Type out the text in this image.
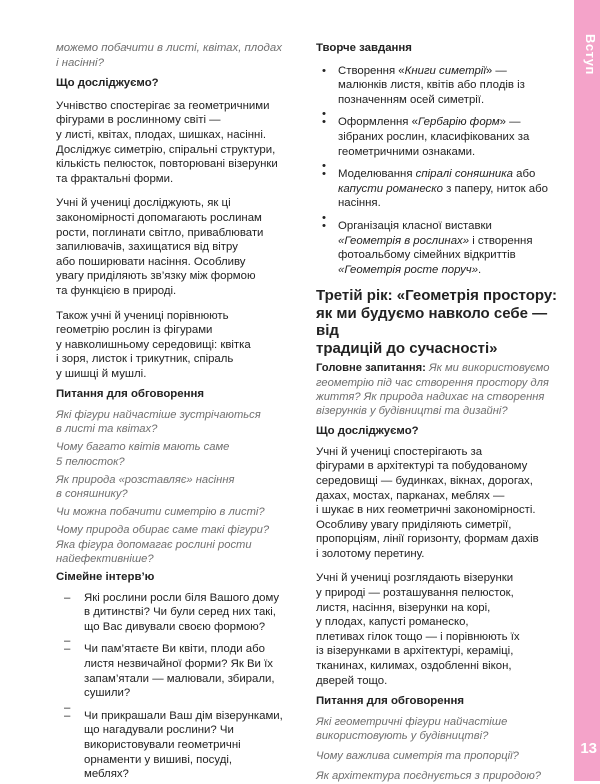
Вступ
13
можемо побачити в листі, квітах, плодах
і насінні?
Що досліджуємо?
Учнівство спостерігає за геометричними
фігурами в рослинному світі —
у листі, квітах, плодах, шишках, насінні.
Досліджує симетрію, спіральні структури,
кількість пелюсток, повторювані візерунки
та фрактальні форми.
Учні й учениці досліджують, як ці
закономірності допомагають рослинам
рости, поглинати світло, приваблювати
запилювачів, захищатися від вітру
або поширювати насіння. Особливу
увагу приділяють зв’язку між формою
та функцією в природі.
Також учні й учениці порівнюють
геометрію рослин із фігурами
у навколишньому середовищі: квітка
і зоря, листок і трикутник, спіраль
у шишці й мушлі.
Питання для обговорення
Які фігури найчастіше зустрічаються
в листі та квітах?
Чому багато квітів мають саме
5 пелюсток?
Як природа «розставляє» насіння
в соняшнику?
Чи можна побачити симетрію в листі?
Чому природа обирає саме такі фігури?
Яка фігура допомагає рослині рости
найефективніше?
Сімейне інтерв’ю
– Які рослини росли біля Вашого дому
в дитинстві? Чи були серед них такі,
що Вас дивували своєю формою?
–
– Чи пам’ятаєте Ви квіти, плоди або
листя незвичайної форми? Як Ви їх
запам’ятали — малювали, збирали,
сушили?
–
– Чи прикрашали Ваш дім візерунками,
що нагадували рослини? Чи
використовували геометричні
орнаменти у вишиві, посуді,
меблях?
Творче завдання
• Створення «Книги симетрії» —
малюнків листя, квітів або плодів із
позначенням осей симетрії.
•
• Оформлення «Гербарію форм» —
зібраних рослин, класифікованих за
геометричними ознаками.
•
• Моделювання спіралі соняшника або
капусти романеско з паперу, ниток або
насіння.
•
• Організація класної виставки
«Геометрія в рослинах» і створення
фотоальбому сімейних відкриттів
«Геометрія росте поруч».
Третій рік: «Геометрія простору:
як ми будуємо навколо себе — від
традицій до сучасності»
Головне запитання: Як ми використовуємо
геометрію під час створення простору для
життя? Як природа надихає на створення
візерунків у будівництві та дизайні?
Що досліджуємо?
Учні й учениці спостерігають за
фігурами в архітектурі та побудованому
середовищі — будинках, вікнах, дорогах,
дахах, мостах, парканах, меблях —
і шукає в них геометричні закономірності.
Особливу увагу приділяють симетрії,
пропорціям, лінії горизонту, формам дахів
і золотому перетину.
Учні й учениці розглядають візерунки
у природі — розташування пелюсток,
листя, насіння, візерунки на корі,
у плодах, капусті романеско,
плетивах гілок тощо — і порівнюють їх
із візерунками в архітектурі, кераміці,
тканинах, килимах, оздобленні вікон,
дверей тощо.
Питання для обговорення
Які геометричні фігури найчастіше
використовують у будівництві?
Чому важлива симетрія та пропорції?
Як архітектура поєднується з природою?
